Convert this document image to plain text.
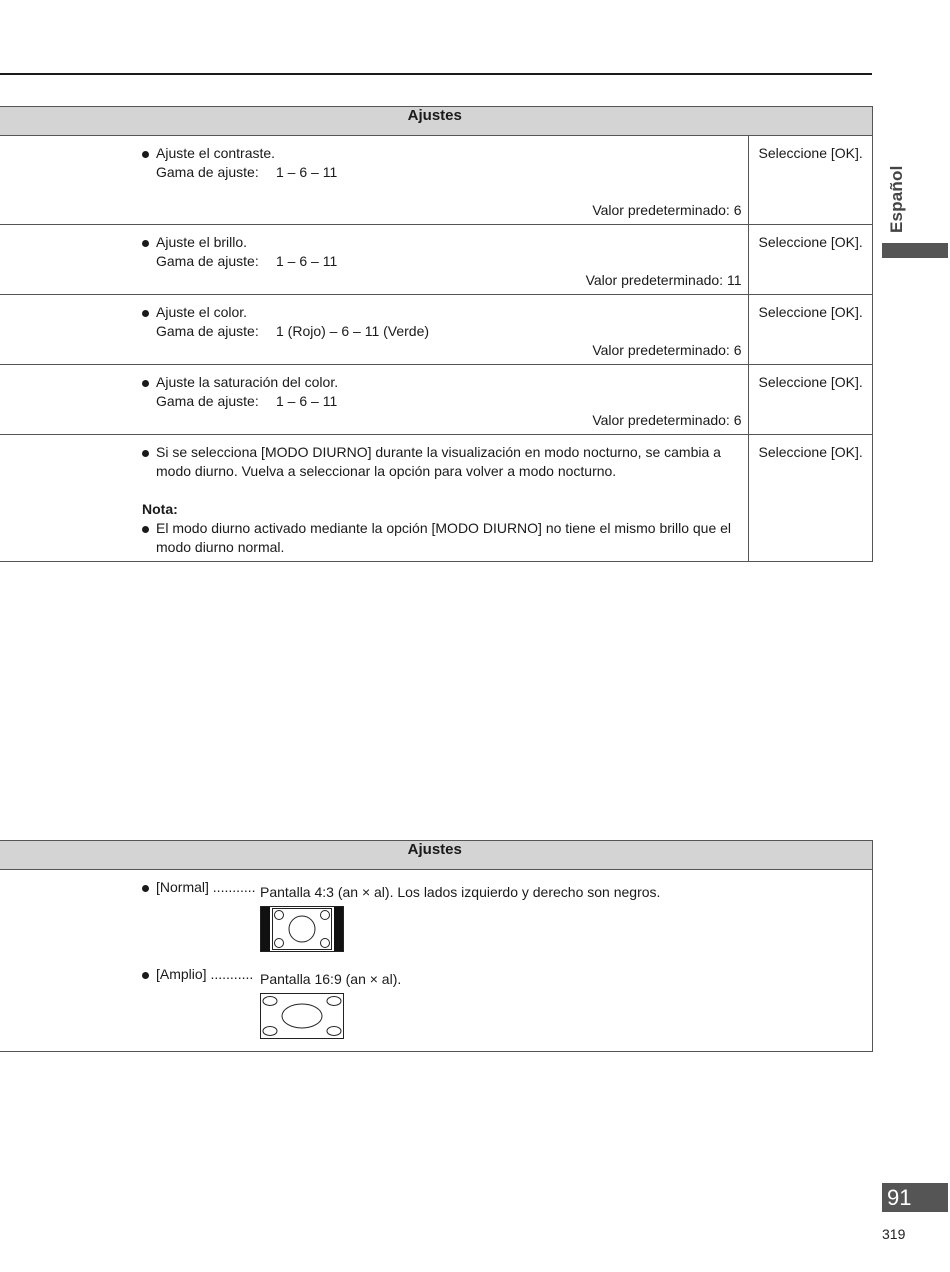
Español
Ajustes	

Ajuste el contraste.
Gama de ajuste: 1 – 6 – 11
Valor predeterminado: 6	Seleccione [OK].

Ajuste el brillo.
Gama de ajuste: 1 – 6 – 11
Valor predeterminado: 11	Seleccione [OK].

Ajuste el color.
Gama de ajuste: 1 (Rojo) – 6 – 11 (Verde)
Valor predeterminado: 6	Seleccione [OK].

Ajuste la saturación del color.
Gama de ajuste: 1 – 6 – 11
Valor predeterminado: 6	Seleccione [OK].

Si se selecciona [MODO DIURNO] durante la visualización en modo nocturno, se cambia a
modo diurno. Vuelva a seleccionar la opción para volver a modo nocturno.
Nota:
El modo diurno activado mediante la opción [MODO DIURNO] no tiene el mismo brillo que el
modo diurno normal.	Seleccione [OK].
Ajustes

[Normal] ........... Pantalla 4:3 (an × al). Los lados izquierdo y derecho son negros.
[Amplio] ........... Pantalla 16:9 (an × al).
91
319
